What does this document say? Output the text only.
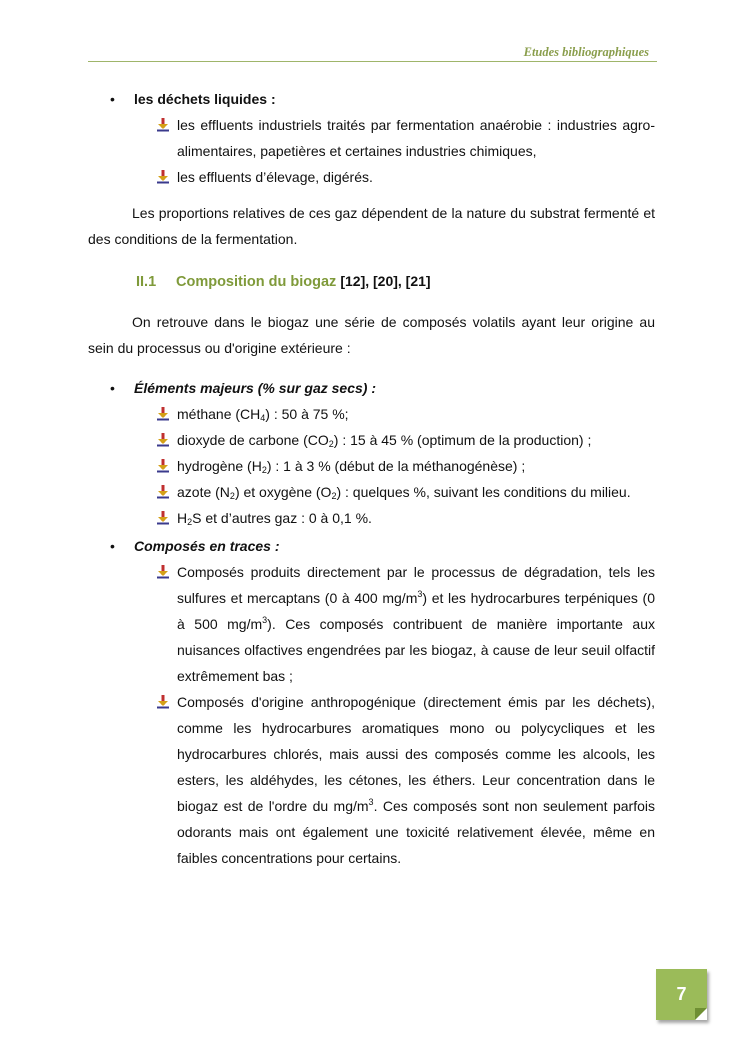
Etudes bibliographiques
• les déchets liquides :
les effluents industriels traités par fermentation anaérobie : industries agro-alimentaires, papetières et certaines industries chimiques,
les effluents d’élevage, digérés.

Les proportions relatives de ces gaz dépendent de la nature du substrat fermenté et des conditions de la fermentation.

II.1 Composition du biogaz [12], [20], [21]

On retrouve dans le biogaz une série de composés volatils ayant leur origine au sein du processus ou d'origine extérieure :

• Éléments majeurs (% sur gaz secs) :
méthane $(CH_4)$ : 50 à 75 %;
dioxyde de carbone $(CO_2)$ : 15 à 45 % (optimum de la production) ;
hydrogène $(H_2)$ : 1 à 3 % (début de la méthanogénèse) ;
azote $(N_2)$ et oxygène $(O_2)$ : quelques %, suivant les conditions du milieu.
$H_2S$ et d’autres gaz : 0 à 0,1 %.
• Composés en traces :
Composés produits directement par le processus de dégradation, tels les sulfures et mercaptans (0 à 400 $mg/m^3$) et les hydrocarbures terpéniques (0 à 500 $mg/m^3$). Ces composés contribuent de manière importante aux nuisances olfactives engendrées par les biogaz, à cause de leur seuil olfactif extrêmement bas ;
Composés d'origine anthropogénique (directement émis par les déchets), comme les hydrocarbures aromatiques mono ou polycycliques et les hydrocarbures chlorés, mais aussi des composés comme les alcools, les esters, les aldéhydes, les cétones, les éthers. Leur concentration dans le biogaz est de l'ordre du $mg/m^3$. Ces composés sont non seulement parfois odorants mais ont également une toxicité relativement élevée, même en faibles concentrations pour certains.
7
